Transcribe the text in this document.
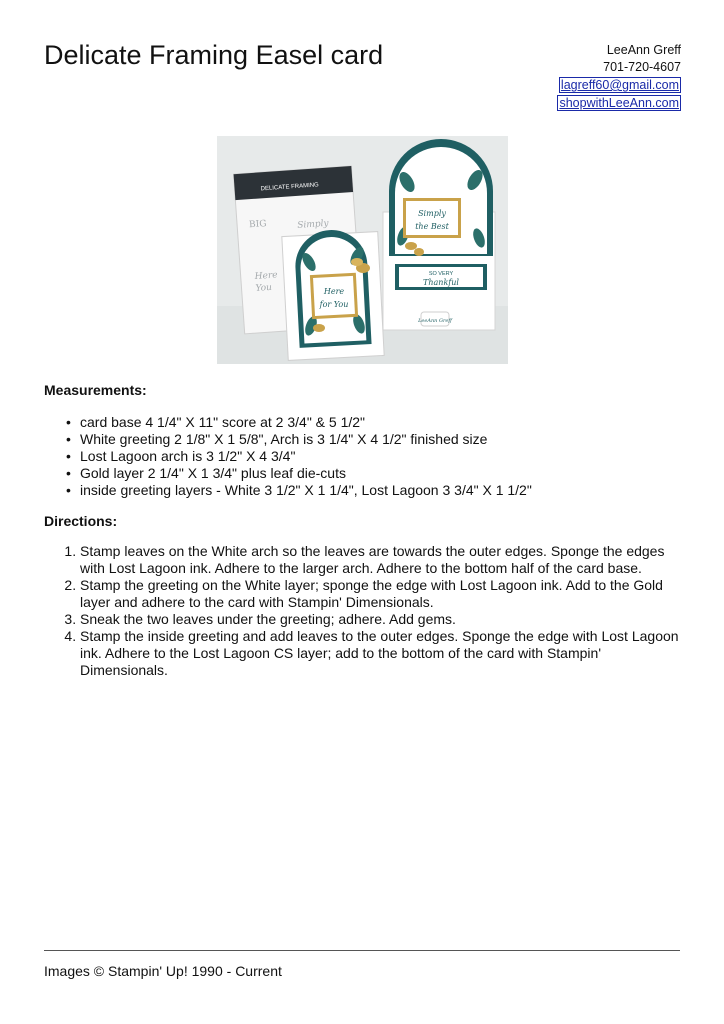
Delicate Framing Easel card	LeeAnn Greff
701-720-4607
lagreff60@gmail.com
shopwithLeeAnn.com
DELICATE FRAMING
BIG	Simply
Here
You
Simply
the Best
SO VERY
Thankful
Here
for You
LeeAnn Greff
Measurements:
• card base 4 1/4" X 11" score at 2 3/4" & 5 1/2"
• White greeting 2 1/8" X 1 5/8", Arch is 3 1/4" X 4 1/2" finished size
• Lost Lagoon arch is 3 1/2" X 4 3/4"
• Gold layer 2 1/4" X 1 3/4" plus leaf die-cuts
• inside greeting layers - White 3 1/2" X 1 1/4", Lost Lagoon 3 3/4" X 1 1/2"
Directions:
1. Stamp leaves on the White arch so the leaves are towards the outer edges. Sponge the edges with Lost Lagoon ink. Adhere to the larger arch. Adhere to the bottom half of the card base.
2. Stamp the greeting on the White layer; sponge the edge with Lost Lagoon ink. Add to the Gold layer and adhere to the card with Stampin' Dimensionals.
3. Sneak the two leaves under the greeting; adhere. Add gems.
4. Stamp the inside greeting and add leaves to the outer edges. Sponge the edge with Lost Lagoon ink. Adhere to the Lost Lagoon CS layer; add to the bottom of the card with Stampin' Dimensionals.
Images © Stampin' Up! 1990 - Current
